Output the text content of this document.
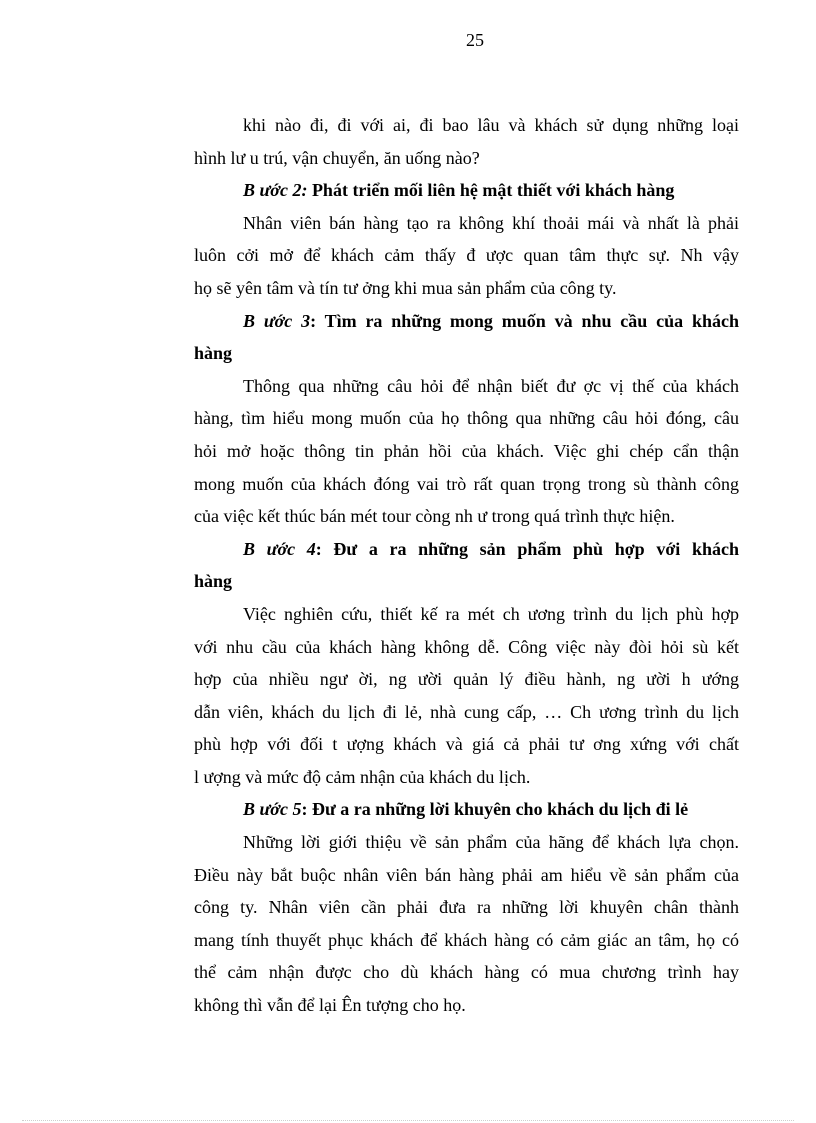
25
khi nào đi, đi với ai, đi bao lâu và khách sử dụng những loại
hình lư u trú, vận chuyển, ăn uống nào?
B ước 2: Phát triển mối liên hệ mật thiết với khách hàng
Nhân viên bán hàng tạo ra không khí thoải mái và nhất là phải
luôn cởi mở để khách cảm thấy đ ược quan tâm thực sự. Nh vậy
họ sẽ yên tâm và tín tư ởng khi mua sản phẩm của công ty.
B ước 3: Tìm ra những mong muốn và nhu cầu của khách
hàng
Thông qua những câu hỏi để nhận biết đư ợc vị thế của khách
hàng, tìm hiểu mong muốn của họ thông qua những câu hỏi đóng, câu
hỏi mở hoặc thông tin phản hồi của khách. Việc ghi chép cẩn thận
mong muốn của khách đóng vai trò rất quan trọng trong sù thành công
của việc kết thúc bán mét tour còng nh ư trong quá trình thực hiện.
B ước 4: Đư a ra những sản phẩm phù hợp với khách
hàng
Việc nghiên cứu, thiết kế ra mét ch ương trình du lịch phù hợp
với nhu cầu của khách hàng không dễ. Công việc này đòi hỏi sù kết
hợp của nhiều ngư ời, ng ười quản lý điều hành, ng ười h ướng
dẫn viên, khách du lịch đi lẻ, nhà cung cấp, … Ch ương trình du lịch
phù hợp với đối t ượng khách và giá cả phải tư ơng xứng với chất
l ượng và mức độ cảm nhận của khách du lịch.
B ước 5: Đư a ra những lời khuyên cho khách du lịch đi lẻ
Những lời giới thiệu về sản phẩm của hãng để khách lựa chọn.
Điều này bắt buộc nhân viên bán hàng phải am hiểu về sản phẩm của
công ty. Nhân viên cần phải đưa ra những lời khuyên chân thành
mang tính thuyết phục khách để khách hàng có cảm giác an tâm, họ có
thể cảm nhận được cho dù khách hàng có mua chương trình hay
không thì vẫn để lại Ên tượng cho họ.
